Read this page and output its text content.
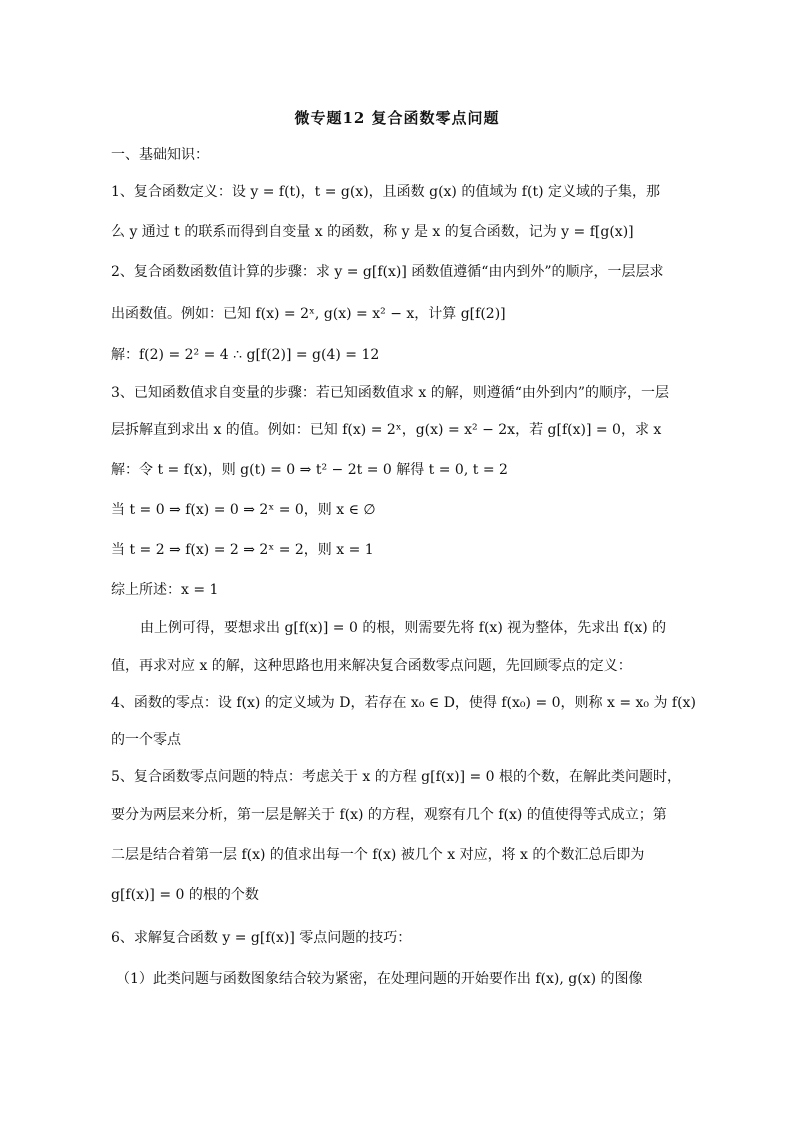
微专题12 复合函数零点问题
一、基础知识：
1、复合函数定义：设 y = f(t)，t = g(x)，且函数 g(x) 的值域为 f(t) 定义域的子集，那
么 y 通过 t 的联系而得到自变量 x 的函数，称 y 是 x 的复合函数，记为 y = f[g(x)]
2、复合函数函数值计算的步骤：求 y = g[f(x)] 函数值遵循“由内到外”的顺序，一层层求
出函数值。例如：已知 f(x) = 2ˣ, g(x) = x² − x，计算 g[f(2)]
解：f(2) = 2² = 4 ∴ g[f(2)] = g(4) = 12
3、已知函数值求自变量的步骤：若已知函数值求 x 的解，则遵循“由外到内”的顺序，一层
层拆解直到求出 x 的值。例如：已知 f(x) = 2ˣ，g(x) = x² − 2x，若 g[f(x)] = 0，求 x
解：令 t = f(x)，则 g(t) = 0 ⇒ t² − 2t = 0 解得 t = 0, t = 2
当 t = 0 ⇒ f(x) = 0 ⇒ 2ˣ = 0，则 x ∈ ∅
当 t = 2 ⇒ f(x) = 2 ⇒ 2ˣ = 2，则 x = 1
综上所述：x = 1
由上例可得，要想求出 g[f(x)] = 0 的根，则需要先将 f(x) 视为整体，先求出 f(x) 的
值，再求对应 x 的解，这种思路也用来解决复合函数零点问题，先回顾零点的定义：
4、函数的零点：设 f(x) 的定义域为 D，若存在 x₀ ∈ D，使得 f(x₀) = 0，则称 x = x₀ 为 f(x)
的一个零点
5、复合函数零点问题的特点：考虑关于 x 的方程 g[f(x)] = 0 根的个数，在解此类问题时，
要分为两层来分析，第一层是解关于 f(x) 的方程，观察有几个 f(x) 的值使得等式成立；第
二层是结合着第一层 f(x) 的值求出每一个 f(x) 被几个 x 对应，将 x 的个数汇总后即为
g[f(x)] = 0 的根的个数
6、求解复合函数 y = g[f(x)] 零点问题的技巧：
（1）此类问题与函数图象结合较为紧密，在处理问题的开始要作出 f(x), g(x) 的图像
